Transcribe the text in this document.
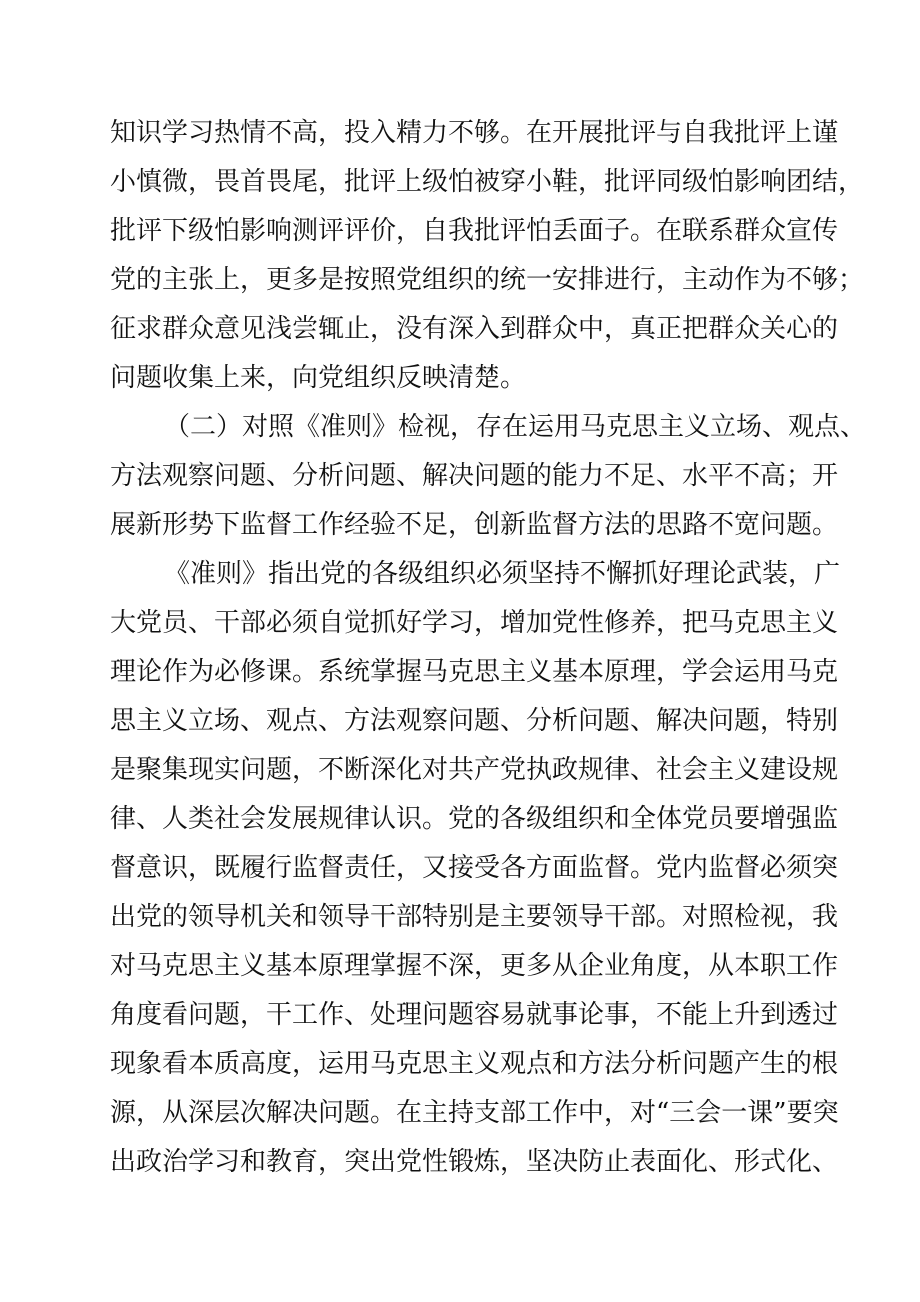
知识学习热情不高，投入精力不够。在开展批评与自我批评上谨
小慎微，畏首畏尾，批评上级怕被穿小鞋，批评同级怕影响团结，
批评下级怕影响测评评价，自我批评怕丢面子。在联系群众宣传
党的主张上，更多是按照党组织的统一安排进行，主动作为不够；
征求群众意见浅尝辄止，没有深入到群众中，真正把群众关心的
问题收集上来，向党组织反映清楚。
（二）对照《准则》检视，存在运用马克思主义立场、观点、
方法观察问题、分析问题、解决问题的能力不足、水平不高；开
展新形势下监督工作经验不足，创新监督方法的思路不宽问题。
《准则》指出党的各级组织必须坚持不懈抓好理论武装，广
大党员、干部必须自觉抓好学习，增加党性修养，把马克思主义
理论作为必修课。系统掌握马克思主义基本原理，学会运用马克
思主义立场、观点、方法观察问题、分析问题、解决问题，特别
是聚集现实问题，不断深化对共产党执政规律、社会主义建设规
律、人类社会发展规律认识。党的各级组织和全体党员要增强监
督意识，既履行监督责任，又接受各方面监督。党内监督必须突
出党的领导机关和领导干部特别是主要领导干部。对照检视，我
对马克思主义基本原理掌握不深，更多从企业角度，从本职工作
角度看问题，干工作、处理问题容易就事论事，不能上升到透过
现象看本质高度，运用马克思主义观点和方法分析问题产生的根
源，从深层次解决问题。在主持支部工作中，对“三会一课”要突
出政治学习和教育，突出党性锻炼，坚决防止表面化、形式化、
